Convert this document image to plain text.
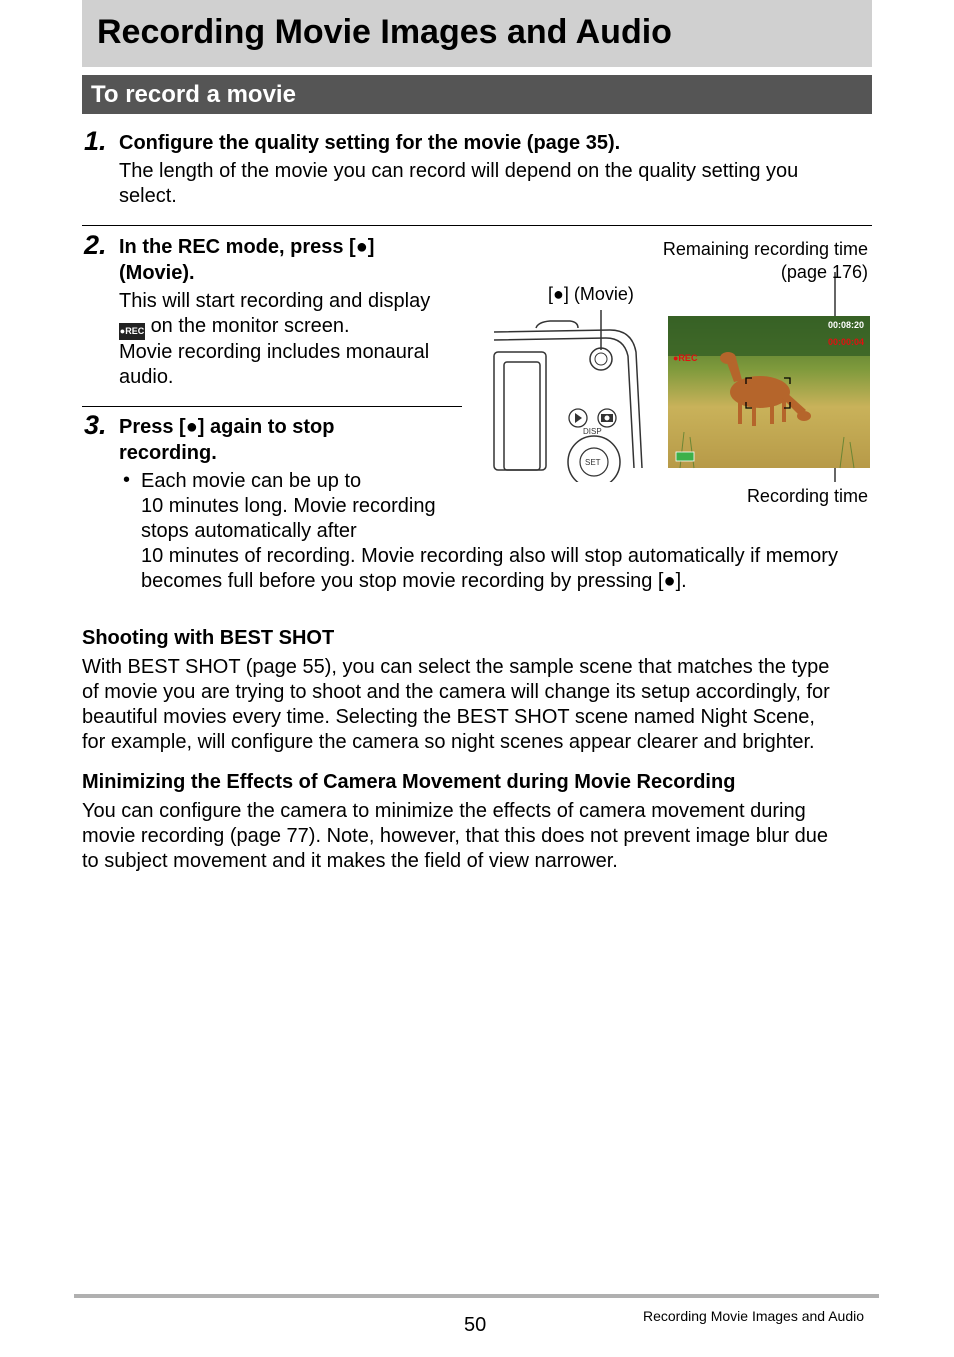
Recording Movie Images and Audio
To record a movie
1. Configure the quality setting for the movie (page 35).
The length of the movie you can record will depend on the quality setting you
select.
2. In the REC mode, press [●]
(Movie).
This will start recording and display
●REC on the monitor screen.
Movie recording includes monaural
audio.
3. Press [●] again to stop
recording.
• Each movie can be up to
10 minutes long. Movie recording
stops automatically after
10 minutes of recording. Movie recording also will stop automatically if memory
becomes full before you stop movie recording by pressing [●].
Remaining recording time
(page 176)
[●] (Movie)
Recording time
DISP
SET
●REC
00:08:20
00:00:04
Shooting with BEST SHOT
With BEST SHOT (page 55), you can select the sample scene that matches the type
of movie you are trying to shoot and the camera will change its setup accordingly, for
beautiful movies every time. Selecting the BEST SHOT scene named Night Scene,
for example, will configure the camera so night scenes appear clearer and brighter.
Minimizing the Effects of Camera Movement during Movie Recording
You can configure the camera to minimize the effects of camera movement during
movie recording (page 77). Note, however, that this does not prevent image blur due
to subject movement and it makes the field of view narrower.
50	Recording Movie Images and Audio
